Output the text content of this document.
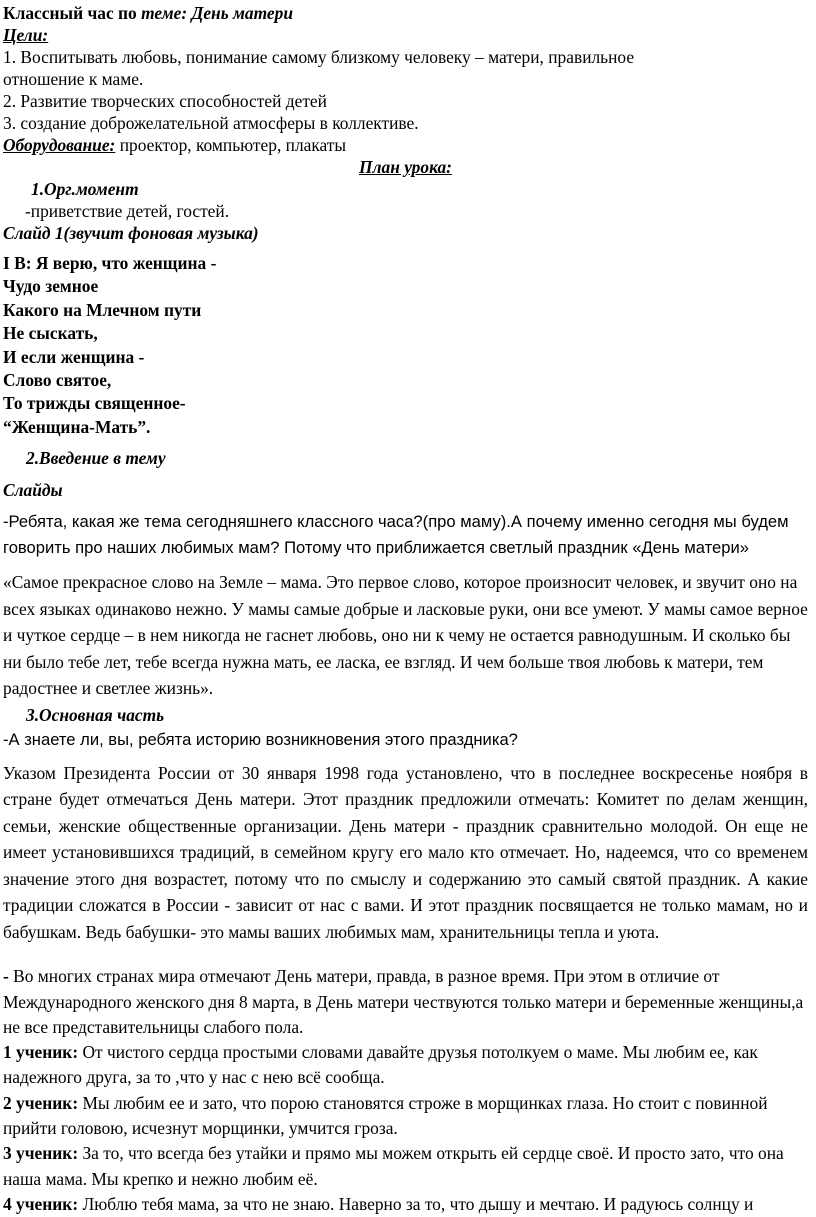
Классный час по теме: День матери

Цели:

1. Воспитывать любовь, понимание самому близкому человеку – матери, правильное отношение к маме.

2. Развитие творческих способностей детей

3. создание доброжелательной атмосферы в коллективе.

Оборудование: проектор, компьютер, плакаты

План урока:

1.Орг.момент

-приветствие детей, гостей.

Слайд 1(звучит фоновая музыка)

I В: Я верю, что женщина -

Чудо земное

Какого на Млечном пути

Не сыскать,

И если женщина -

Слово святое,

То трижды священное-

“Женщина-Мать”.

2.Введение в тему

Слайды

-Ребята, какая же тема сегодняшнего классного часа?(про маму).А почему именно сегодня мы будем говорить про наших любимых мам? Потому что приближается светлый праздник «День матери»

«Самое прекрасное слово на Земле – мама. Это первое слово, которое произносит человек, и звучит оно на всех языках одинаково нежно. У мамы самые добрые и ласковые руки, они все умеют. У мамы самое верное и чуткое сердце – в нем никогда не гаснет любовь, оно ни к чему не остается равнодушным. И сколько бы ни было тебе лет, тебе всегда нужна мать, ее ласка, ее взгляд. И чем больше твоя любовь к матери, тем радостнее и светлее жизнь».

3.Основная часть

-А знаете ли, вы, ребята историю возникновения этого праздника?

Указом Президента России от 30 января 1998 года установлено, что в последнее воскресенье ноября в стране будет отмечаться День матери. Этот праздник предложили отмечать: Комитет по делам женщин, семьи, женские общественные организации. День матери - праздник сравнительно молодой. Он еще не имеет установившихся традиций, в семейном кругу его мало кто отмечает. Но, надеемся, что со временем значение этого дня возрастет, потому что по смыслу и содержанию это самый святой праздник. А какие традиции сложатся в России - зависит от нас с вами. И этот праздник посвящается не только мамам, но и бабушкам. Ведь бабушки- это мамы ваших любимых мам, хранительницы тепла и уюта.

- Во многих странах мира отмечают День матери, правда, в разное время. При этом в отличие от Международного женского дня 8 марта, в День матери чествуются только матери и беременные женщины,а не все представительницы слабого пола.

1 ученик: От чистого сердца простыми словами давайте друзья потолкуем о маме. Мы любим ее, как надежного друга, за то ,что у нас с нею всё сообща.

2 ученик: Мы любим ее и зато, что порою становятся строже в морщинках глаза. Но стоит с повинной прийти головою, исчезнут морщинки, умчится гроза.

3 ученик: За то, что всегда без утайки и прямо мы можем открыть ей сердце своё. И просто зато, что она наша мама. Мы крепко и нежно любим её.

4 ученик: Люблю тебя мама, за что не знаю. Наверно за то, что дышу и мечтаю. И радуюсь солнцу и
